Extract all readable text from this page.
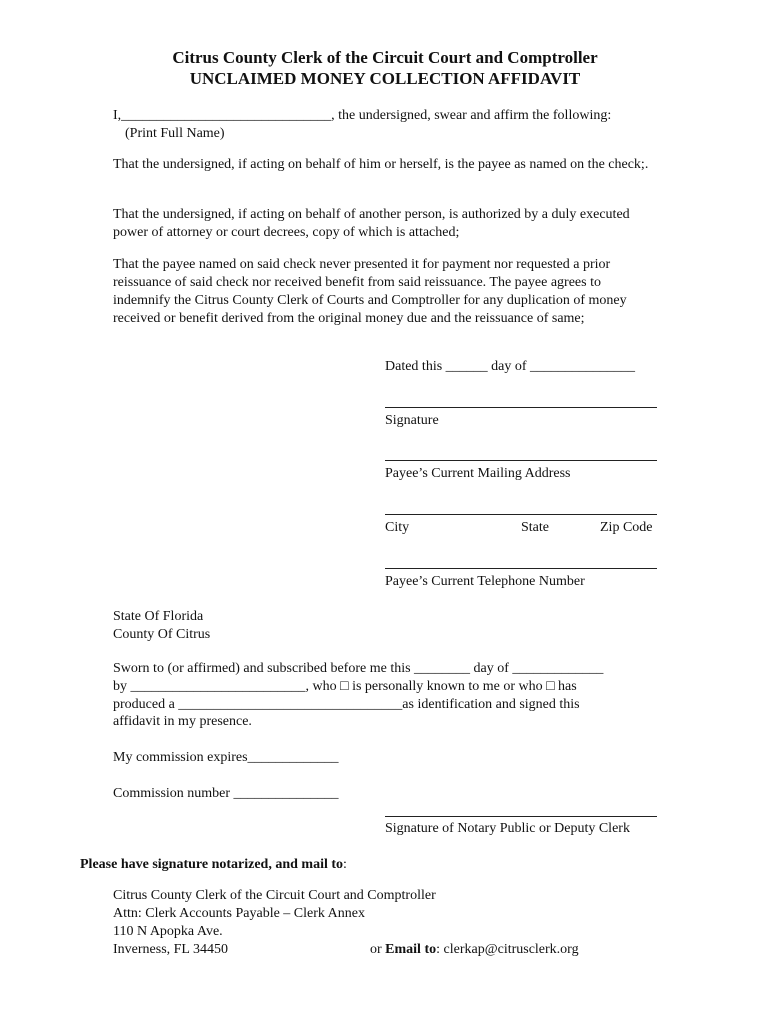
Citrus County Clerk of the Circuit Court and Comptroller
UNCLAIMED MONEY COLLECTION AFFIDAVIT
I,______________________________, the undersigned, swear and affirm the following:
(Print Full Name)
That the undersigned, if acting on behalf of him or herself, is the payee as named on the check;.
That the undersigned, if acting on behalf of another person, is authorized by a duly executed power of attorney or court decrees, copy of which is attached;
That the payee named on said check never presented it for payment nor requested a prior reissuance of said check nor received benefit from said reissuance. The payee agrees to indemnify the Citrus County Clerk of Courts and Comptroller for any duplication of money received or benefit derived from the original money due and the reissuance of same;
Dated this ______ day of _______________
Signature
Payee’s Current Mailing Address
City	State	Zip Code
Payee’s Current Telephone Number
State Of Florida
County Of Citrus
Sworn to (or affirmed) and subscribed before me this ________ day of _____________
by _________________________, who □ is personally known to me or who □ has
produced a ________________________________as identification and signed this
affidavit in my presence.
My commission expires_____________
Commission number _______________
Signature of Notary Public or Deputy Clerk
Please have signature notarized, and mail to:
Citrus County Clerk of the Circuit Court and Comptroller
Attn: Clerk Accounts Payable – Clerk Annex
110 N Apopka Ave.
Inverness, FL 34450	or Email to: clerkap@citrusclerk.org
